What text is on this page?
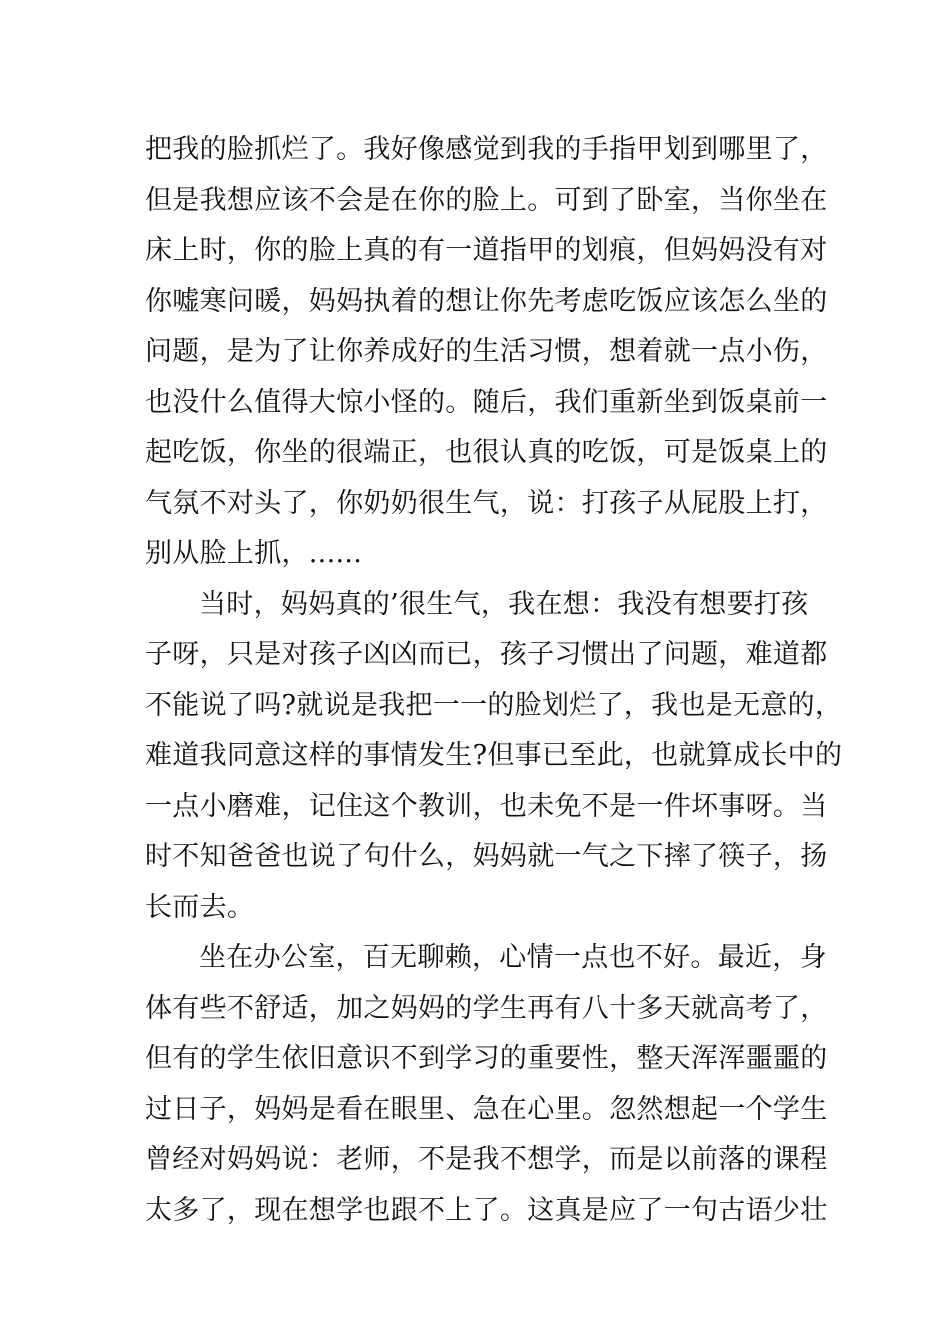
把我的脸抓烂了。我好像感觉到我的手指甲划到哪里了，
但是我想应该不会是在你的脸上。可到了卧室，当你坐在
床上时，你的脸上真的有一道指甲的划痕，但妈妈没有对
你嘘寒问暖，妈妈执着的想让你先考虑吃饭应该怎么坐的
问题，是为了让你养成好的生活习惯，想着就一点小伤，
也没什么值得大惊小怪的。随后，我们重新坐到饭桌前一
起吃饭，你坐的很端正，也很认真的吃饭，可是饭桌上的
气氛不对头了，你奶奶很生气，说：打孩子从屁股上打，
别从脸上抓，......
当时，妈妈真的’很生气，我在想：我没有想要打孩
子呀，只是对孩子凶凶而已，孩子习惯出了问题，难道都
不能说了吗?就说是我把一一的脸划烂了，我也是无意的，
难道我同意这样的事情发生?但事已至此，也就算成长中的
一点小磨难，记住这个教训，也未免不是一件坏事呀。当
时不知爸爸也说了句什么，妈妈就一气之下摔了筷子，扬
长而去。
坐在办公室，百无聊赖，心情一点也不好。最近，身
体有些不舒适，加之妈妈的学生再有八十多天就高考了，
但有的学生依旧意识不到学习的重要性，整天浑浑噩噩的
过日子，妈妈是看在眼里、急在心里。忽然想起一个学生
曾经对妈妈说：老师，不是我不想学，而是以前落的课程
太多了，现在想学也跟不上了。这真是应了一句古语少壮
